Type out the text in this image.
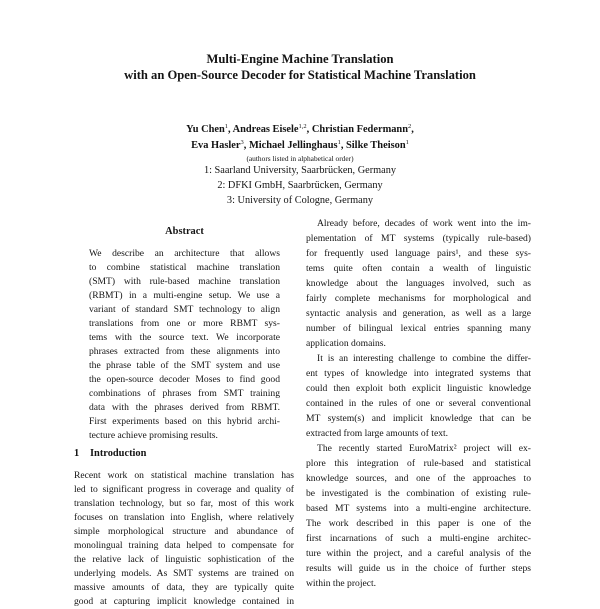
Multi-Engine Machine Translation
with an Open-Source Decoder for Statistical Machine Translation
Yu Chen$^1$, Andreas Eisele$^{1,2}$, Christian Federmann$^2$,
Eva Hasler$^3$, Michael Jellinghaus$^1$, Silke Theison$^1$
(authors listed in alphabetical order)
1: Saarland University, Saarbrücken, Germany
2: DFKI GmbH, Saarbrücken, Germany
3: University of Cologne, Germany
Abstract
We describe an architecture that allows
to combine statistical machine translation
(SMT) with rule-based machine translation
(RBMT) in a multi-engine setup. We use a
variant of standard SMT technology to align
translations from one or more RBMT sys-
tems with the source text. We incorporate
phrases extracted from these alignments into
the phrase table of the SMT system and use
the open-source decoder Moses to find good
combinations of phrases from SMT training
data with the phrases derived from RBMT.
First experiments based on this hybrid archi-
tecture achieve promising results.
1 Introduction
Recent work on statistical machine translation has
led to significant progress in coverage and quality of
translation technology, but so far, most of this work
focuses on translation into English, where relatively
simple morphological structure and abundance of
monolingual training data helped to compensate for
the relative lack of linguistic sophistication of the
underlying models. As SMT systems are trained on
massive amounts of data, they are typically quite
good at capturing implicit knowledge contained in
Already before, decades of work went into the im-
plementation of MT systems (typically rule-based)
for frequently used language pairs¹, and these sys-
tems quite often contain a wealth of linguistic
knowledge about the languages involved, such as
fairly complete mechanisms for morphological and
syntactic analysis and generation, as well as a large
number of bilingual lexical entries spanning many
application domains.
It is an interesting challenge to combine the differ-
ent types of knowledge into integrated systems that
could then exploit both explicit linguistic knowledge
contained in the rules of one or several conventional
MT system(s) and implicit knowledge that can be
extracted from large amounts of text.
The recently started EuroMatrix² project will ex-
plore this integration of rule-based and statistical
knowledge sources, and one of the approaches to
be investigated is the combination of existing rule-
based MT systems into a multi-engine architecture.
The work described in this paper is one of the
first incarnations of such a multi-engine architec-
ture within the project, and a careful analysis of the
results will guide us in the choice of further steps
within the project.
